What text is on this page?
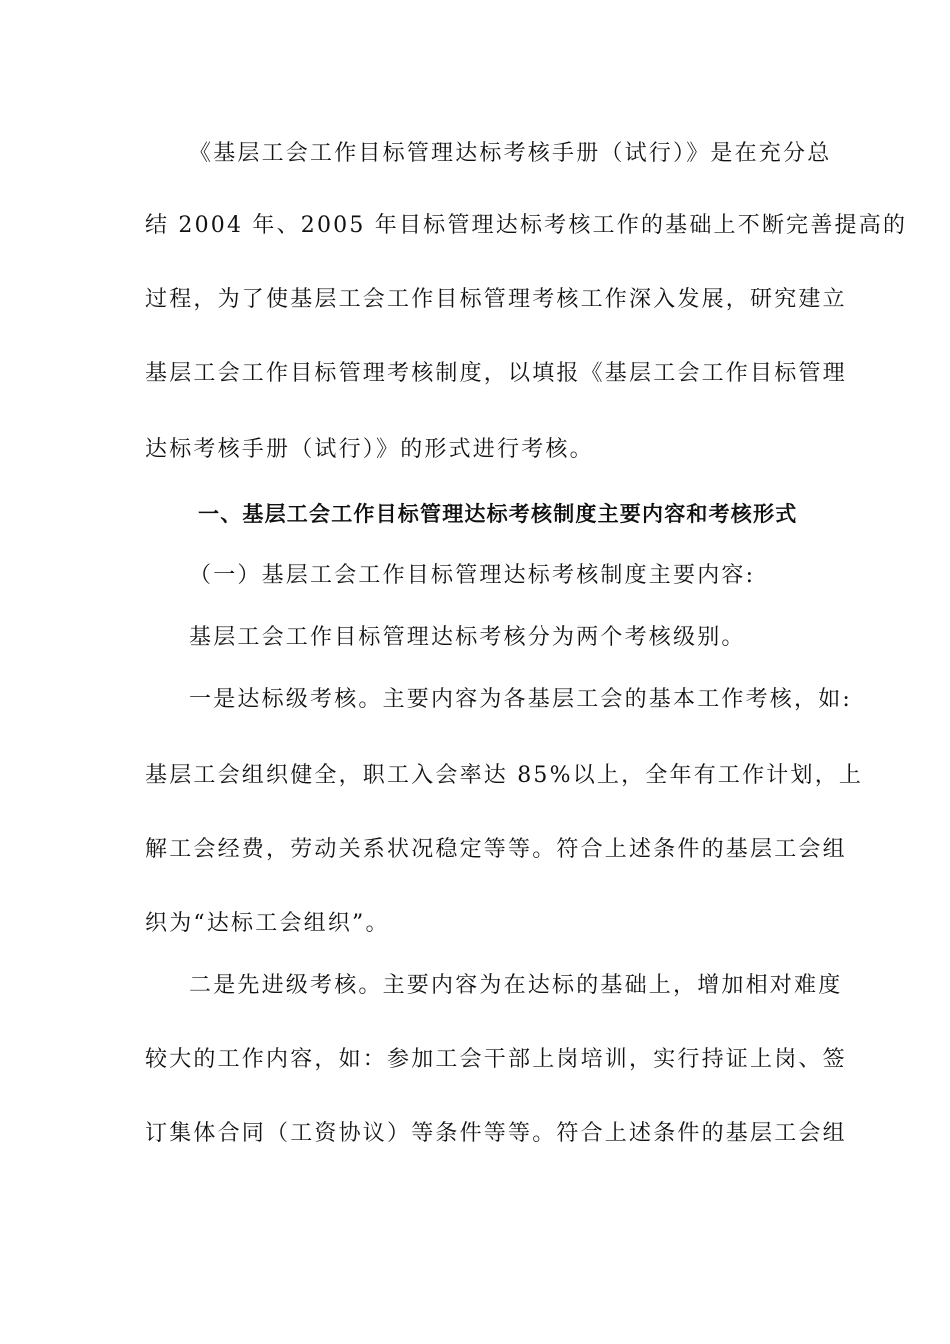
《基层工会工作目标管理达标考核手册（试行）》是在充分总
结 2004 年、2005 年目标管理达标考核工作的基础上不断完善提高的
过程，为了使基层工会工作目标管理考核工作深入发展，研究建立
基层工会工作目标管理考核制度，以填报《基层工会工作目标管理
达标考核手册（试行）》的形式进行考核。
一、基层工会工作目标管理达标考核制度主要内容和考核形式
（一）基层工会工作目标管理达标考核制度主要内容:
基层工会工作目标管理达标考核分为两个考核级别。
一是达标级考核。主要内容为各基层工会的基本工作考核，如:
基层工会组织健全，职工入会率达 85%以上，全年有工作计划，上
解工会经费，劳动关系状况稳定等等。符合上述条件的基层工会组
织为“达标工会组织”。
二是先进级考核。主要内容为在达标的基础上，增加相对难度
较大的工作内容，如：参加工会干部上岗培训，实行持证上岗、签
订集体合同（工资协议）等条件等等。符合上述条件的基层工会组
